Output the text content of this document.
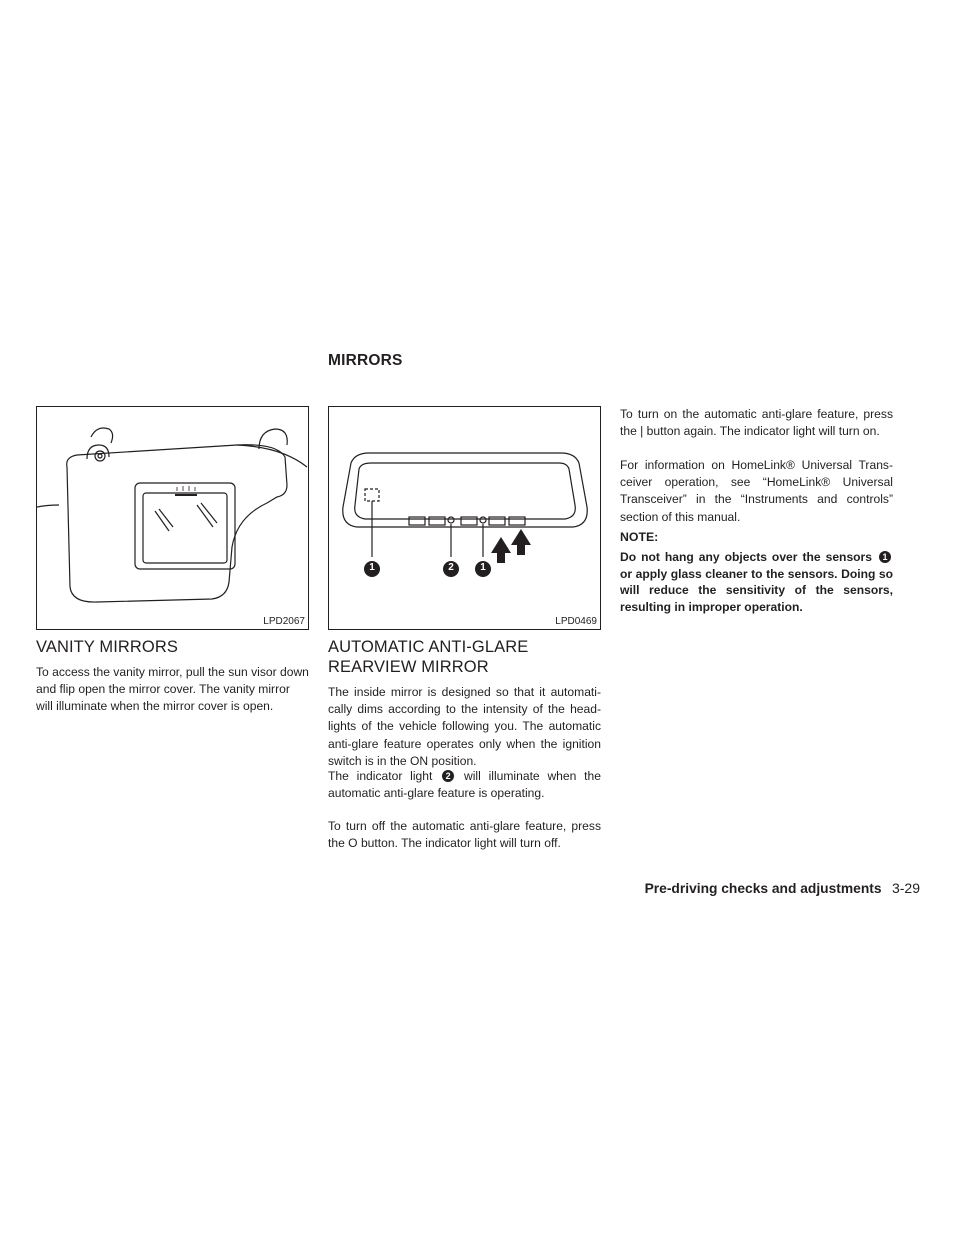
MIRRORS
LPD2067
1	2	1
LPD0469
VANITY MIRRORS

To access the vanity mirror, pull the sun visor down and flip open the mirror cover. The vanity mirror will illuminate when the mirror cover is open.

AUTOMATIC ANTI-GLARE
REARVIEW MIRROR

The inside mirror is designed so that it automati-cally dims according to the intensity of the head-lights of the vehicle following you. The automatic anti-glare feature operates only when the ignition switch is in the ON position.

The indicator light 2 will illuminate when the automatic anti-glare feature is operating.

To turn off the automatic anti-glare feature, press the O button. The indicator light will turn off.

To turn on the automatic anti-glare feature, press the | button again. The indicator light will turn on.

For information on HomeLink® Universal Trans-ceiver operation, see “HomeLink® Universal Transceiver” in the “Instruments and controls” section of this manual.

NOTE:

Do not hang any objects over the sensors 1 or apply glass cleaner to the sensors. Doing so will reduce the sensitivity of the sensors, resulting in improper operation.

Pre-driving checks and adjustments 3-29
